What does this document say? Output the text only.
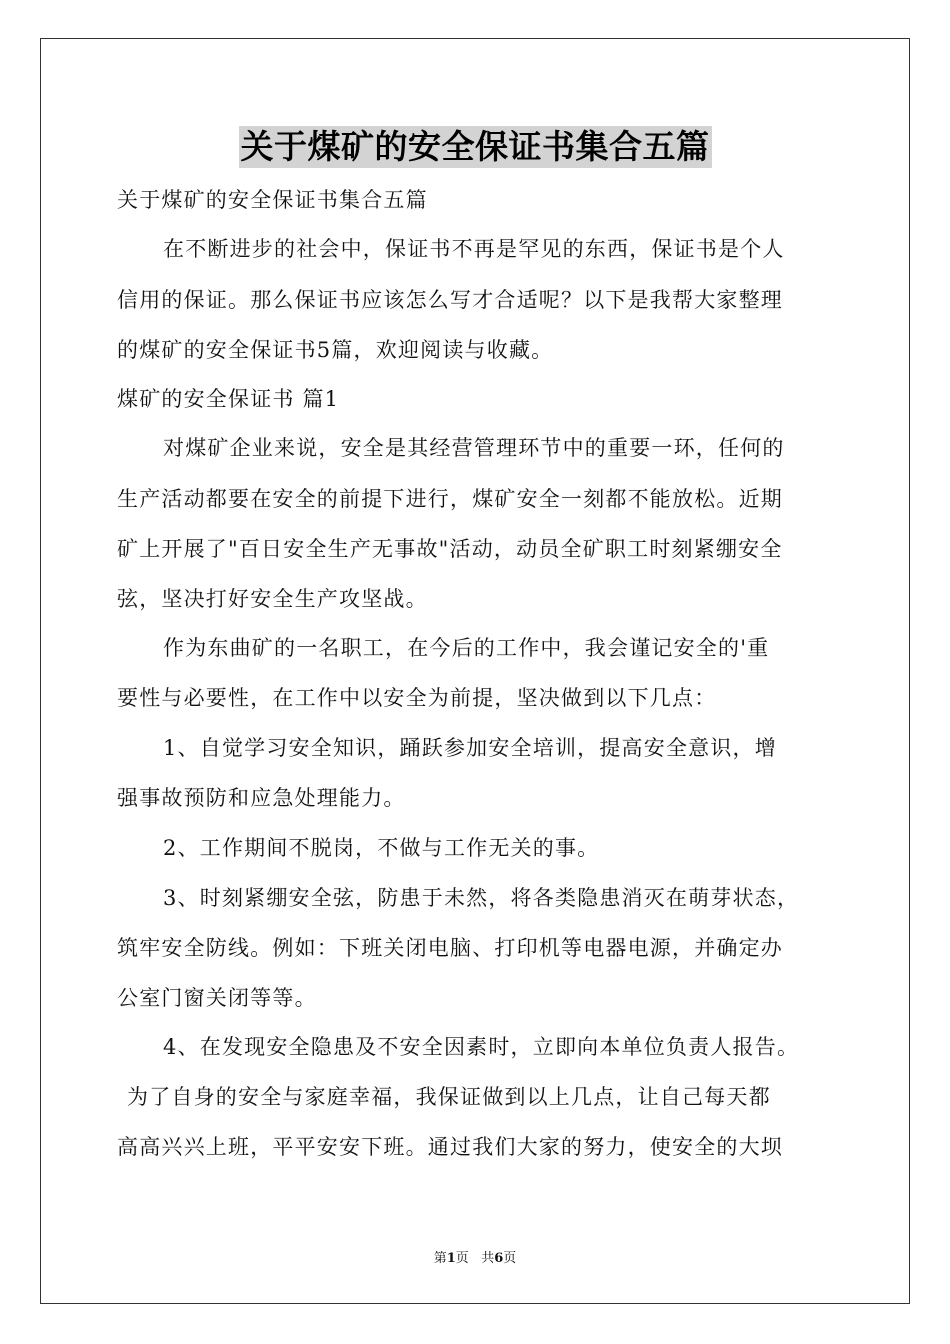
关于煤矿的安全保证书集合五篇
关于煤矿的安全保证书集合五篇
在不断进步的社会中，保证书不再是罕见的东西，保证书是个人
信用的保证。那么保证书应该怎么写才合适呢？以下是我帮大家整理
的煤矿的安全保证书5篇，欢迎阅读与收藏。
煤矿的安全保证书 篇1
对煤矿企业来说，安全是其经营管理环节中的重要一环，任何的
生产活动都要在安全的前提下进行，煤矿安全一刻都不能放松。近期
矿上开展了"百日安全生产无事故"活动，动员全矿职工时刻紧绷安全
弦，坚决打好安全生产攻坚战。
作为东曲矿的一名职工，在今后的工作中，我会谨记安全的'重
要性与必要性，在工作中以安全为前提，坚决做到以下几点：
1、自觉学习安全知识，踊跃参加安全培训，提高安全意识，增
强事故预防和应急处理能力。
2、工作期间不脱岗，不做与工作无关的事。
3、时刻紧绷安全弦，防患于未然，将各类隐患消灭在萌芽状态，
筑牢安全防线。例如：下班关闭电脑、打印机等电器电源，并确定办
公室门窗关闭等等。
4、在发现安全隐患及不安全因素时，立即向本单位负责人报告。
为了自身的安全与家庭幸福，我保证做到以上几点，让自己每天都
高高兴兴上班，平平安安下班。通过我们大家的努力，使安全的大坝
第1页 共6页
